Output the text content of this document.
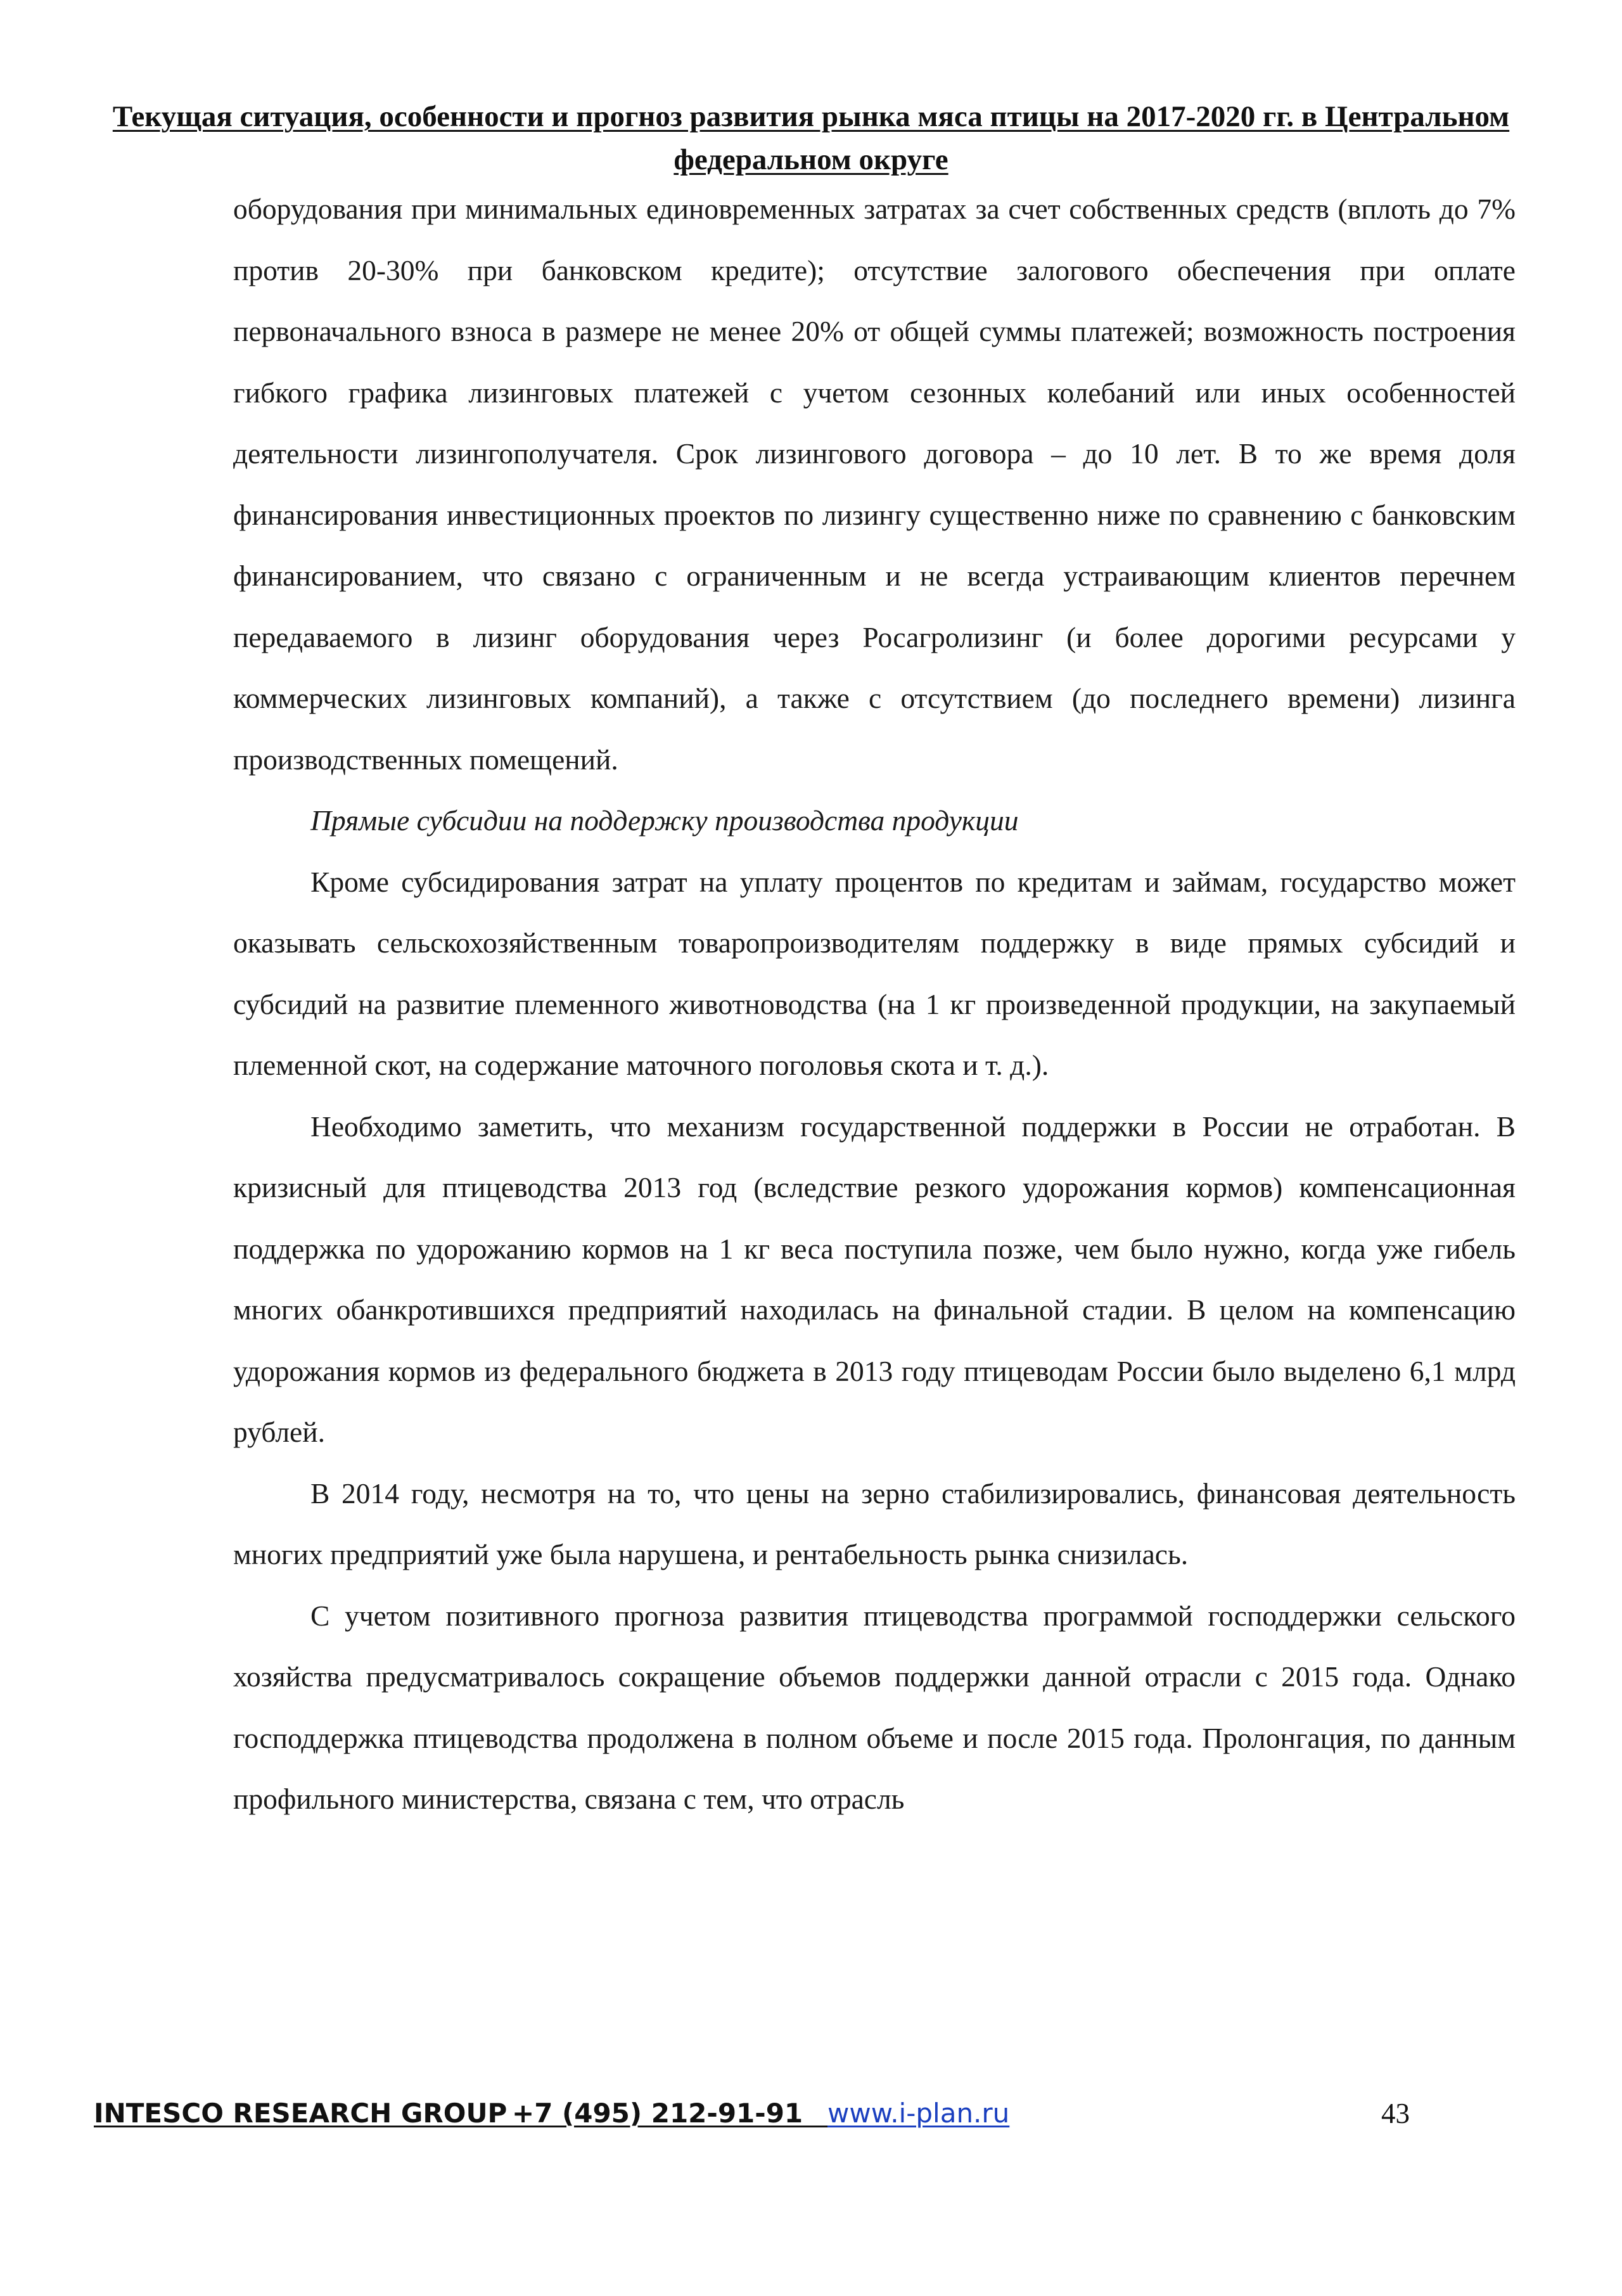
Текущая ситуация, особенности и прогноз развития рынка мяса птицы на 2017-2020 гг. в Центральном федеральном округе

оборудования при минимальных единовременных затратах за счет собственных средств (вплоть до 7% против 20-30% при банковском кредите); отсутствие залогового обеспечения при оплате первоначального взноса в размере не менее 20% от общей суммы платежей; возможность построения гибкого графика лизинговых платежей с учетом сезонных колебаний или иных особенностей деятельности лизингополучателя. Срок лизингового договора – до 10 лет. В то же время доля финансирования инвестиционных проектов по лизингу существенно ниже по сравнению с банковским финансированием, что связано с ограниченным и не всегда устраивающим клиентов перечнем передаваемого в лизинг оборудования через Росагролизинг (и более дорогими ресурсами у коммерческих лизинговых компаний), а также с отсутствием (до последнего времени) лизинга производственных помещений.

Прямые субсидии на поддержку производства продукции

Кроме субсидирования затрат на уплату процентов по кредитам и займам, государство может оказывать сельскохозяйственным товаропроизводителям поддержку в виде прямых субсидий и субсидий на развитие племенного животноводства (на 1 кг произведенной продукции, на закупаемый племенной скот, на содержание маточного поголовья скота и т. д.).

Необходимо заметить, что механизм государственной поддержки в России не отработан. В кризисный для птицеводства 2013 год (вследствие резкого удорожания кормов) компенсационная поддержка по удорожанию кормов на 1 кг веса поступила позже, чем было нужно, когда уже гибель многих обанкротившихся предприятий находилась на финальной стадии. В целом на компенсацию удорожания кормов из федерального бюджета в 2013 году птицеводам России было выделено 6,1 млрд рублей.

В 2014 году, несмотря на то, что цены на зерно стабилизировались, финансовая деятельность многих предприятий уже была нарушена, и рентабельность рынка снизилась.

С учетом позитивного прогноза развития птицеводства программой господдержки сельского хозяйства предусматривалось сокращение объемов поддержки данной отрасли с 2015 года. Однако господдержка птицеводства продолжена в полном объеме и после 2015 года. Пролонгация, по данным профильного министерства, связана с тем, что отрасль

INTESCO RESEARCH GROUP
+7 (495) 212-91-91
www.i-plan.ru	43
